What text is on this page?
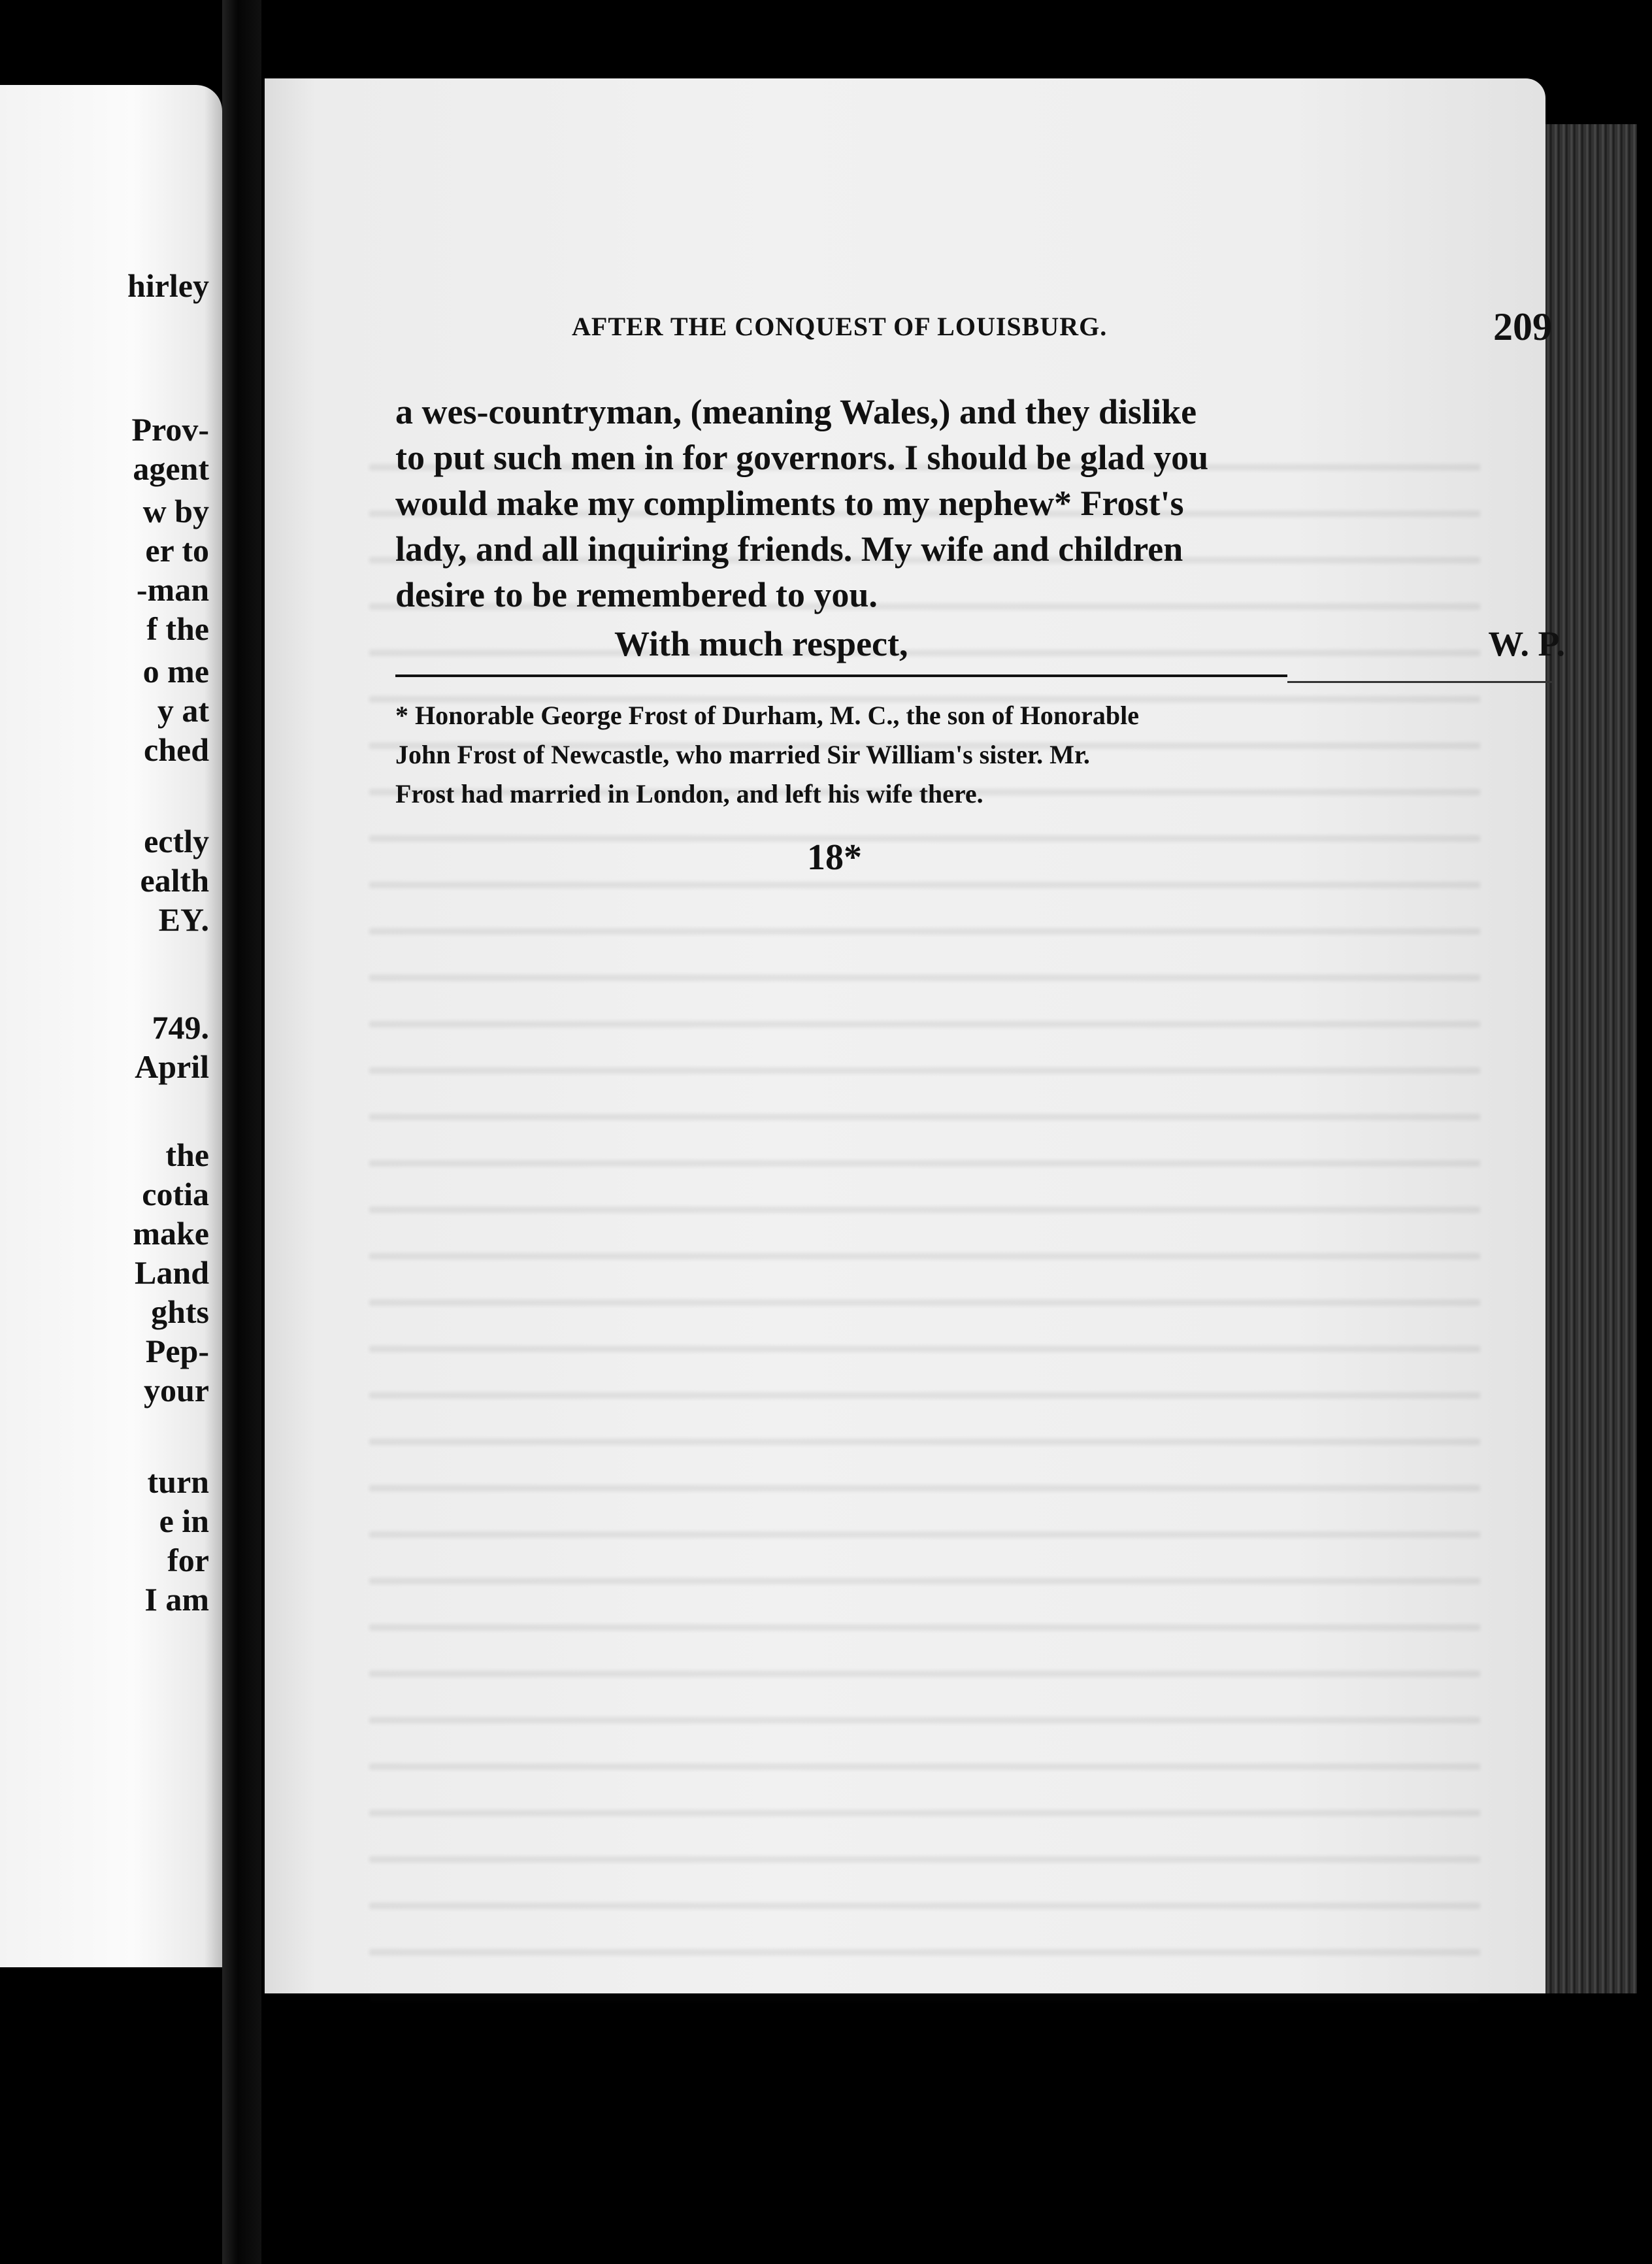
hirley
Prov-
agent
w by
er to
-man
f the
o me
y at
ched
ectly
ealth
EY.
749.
April
the
cotia
make
Land
ghts
Pep-
your
turn
e in
for
I am
AFTER THE CONQUEST OF LOUISBURG.	209
a wes-countryman, (meaning Wales,) and they dislike
to put such men in for governors. I should be glad you
would make my compliments to my nephew* Frost's
lady, and all inquiring friends. My wife and children
desire to be remembered to you.
With much respect,	W. P.
* Honorable George Frost of Durham, M. C., the son of Honorable
John Frost of Newcastle, who married Sir William's sister. Mr.
Frost had married in London, and left his wife there.
18*
